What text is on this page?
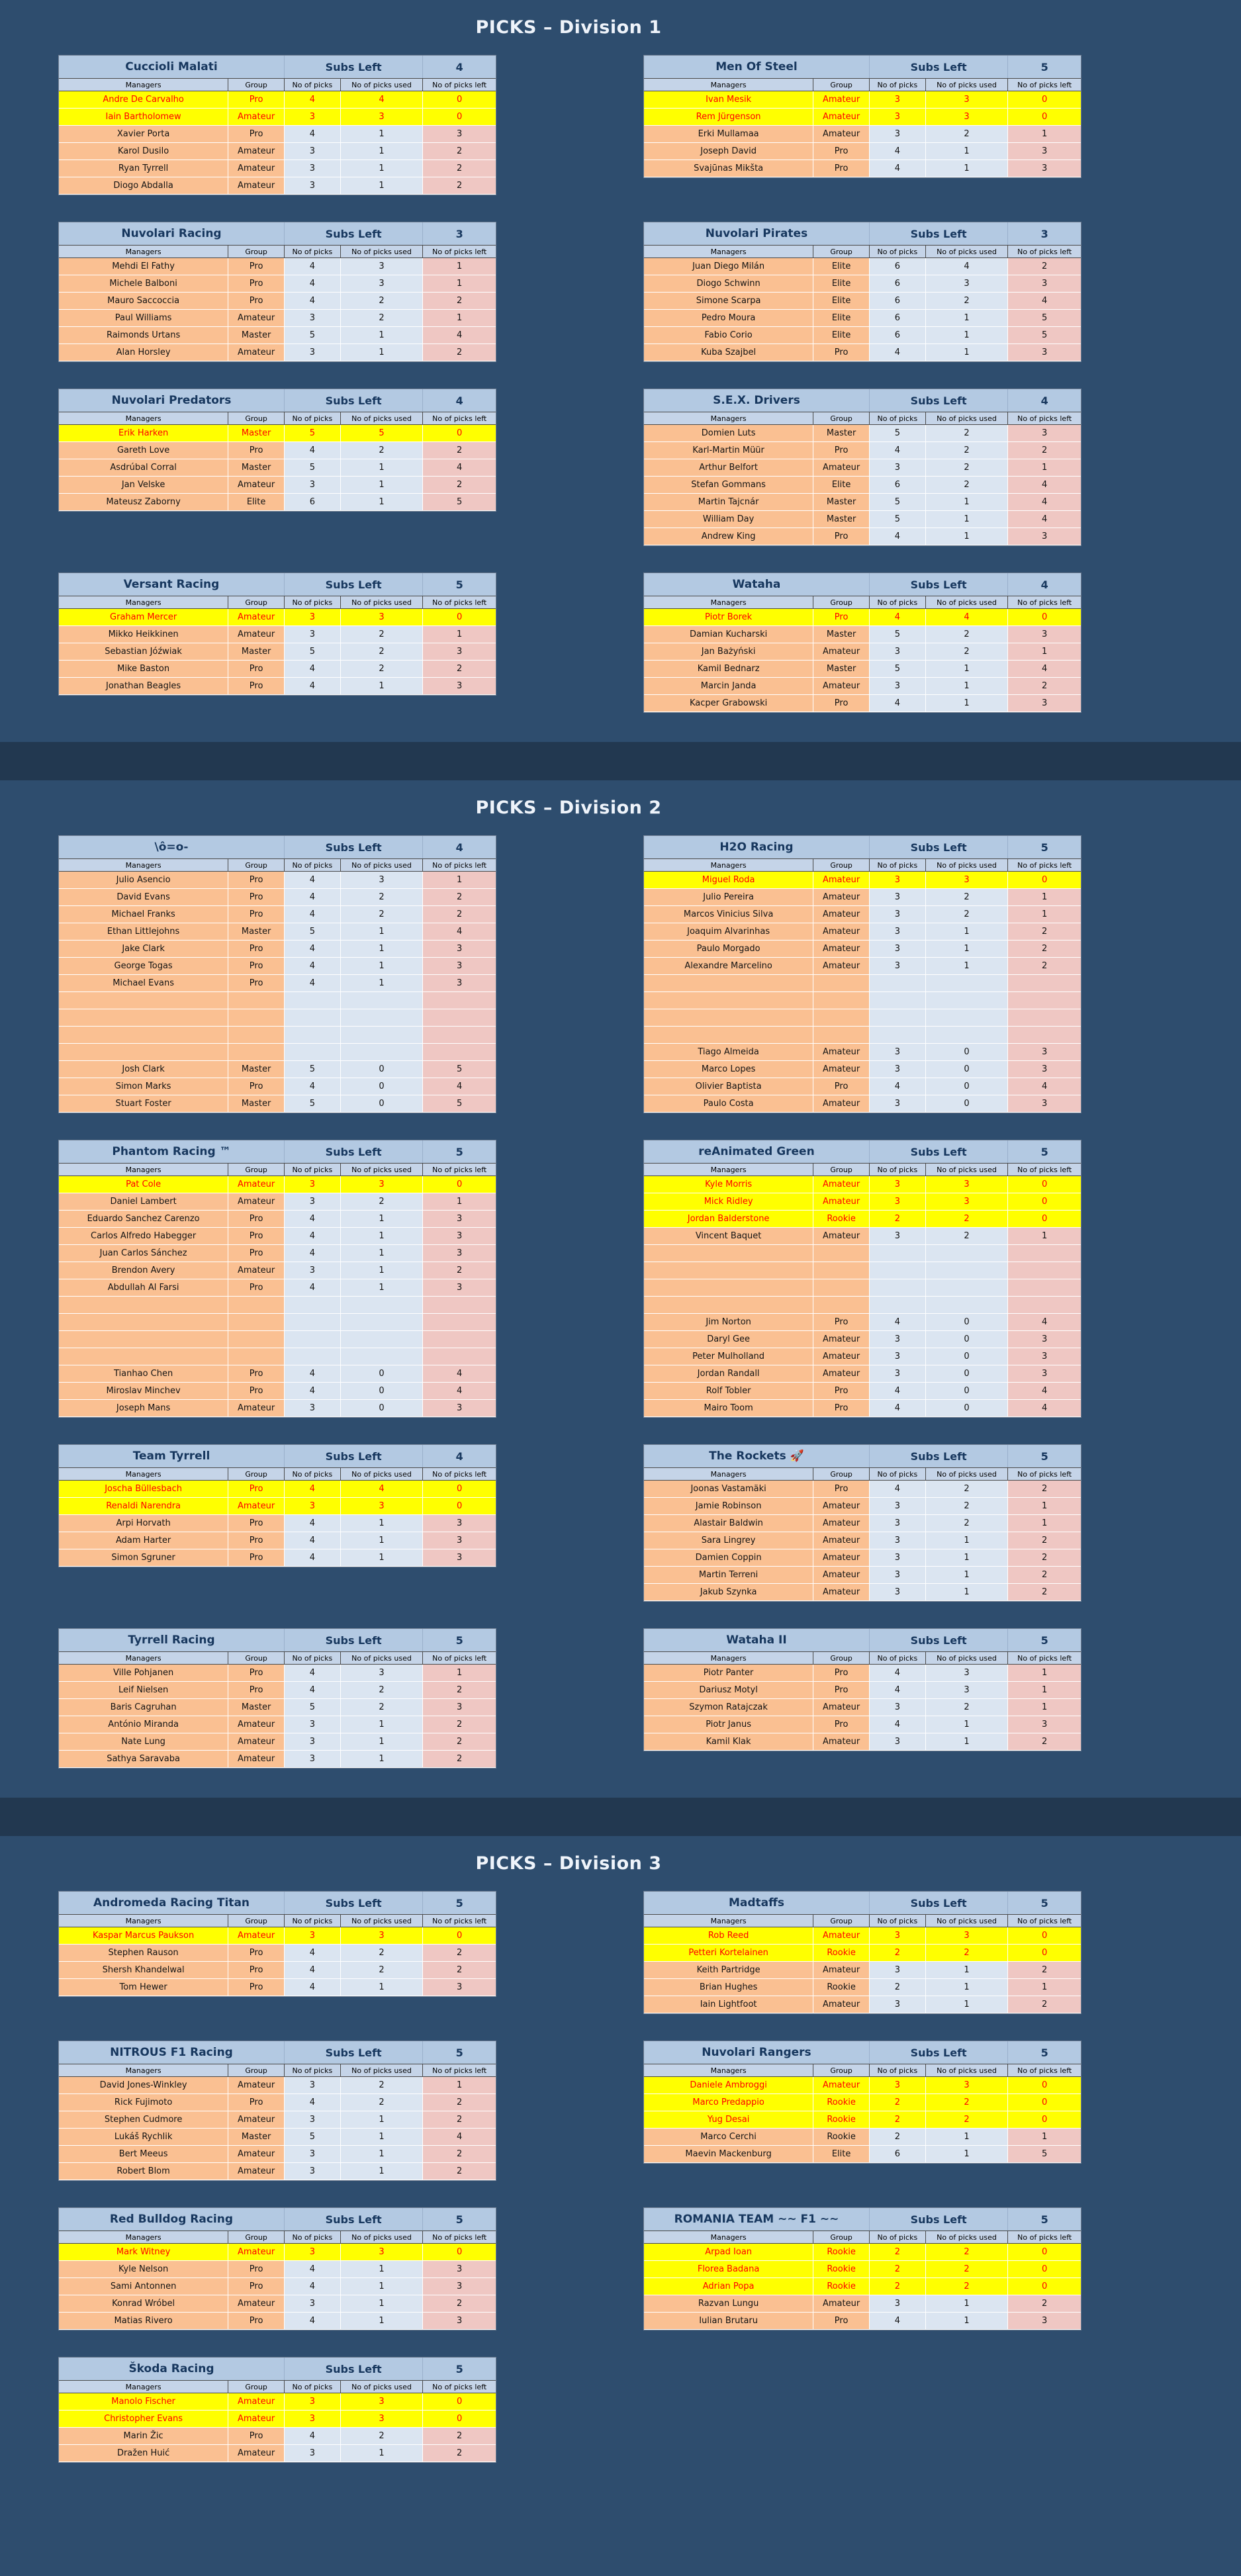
PICKS – Division 1
Cuccioli Malati	Subs Left	4
Managers	Group	No of picks	No of picks used	No of picks left
Andre De Carvalho	Pro	4	4	0
Iain Bartholomew	Amateur	3	3	0
Xavier Porta	Pro	4	1	3
Karol Dusilo	Amateur	3	1	2
Ryan Tyrrell	Amateur	3	1	2
Diogo Abdalla	Amateur	3	1	2
Men Of Steel	Subs Left	5
Managers	Group	No of picks	No of picks used	No of picks left
Ivan Mesik	Amateur	3	3	0
Rem Jürgenson	Amateur	3	3	0
Erki Mullamaa	Amateur	3	2	1
Joseph David	Pro	4	1	3
Svajūnas Mikšta	Pro	4	1	3
Nuvolari Racing	Subs Left	3
Managers	Group	No of picks	No of picks used	No of picks left
Mehdi El Fathy	Pro	4	3	1
Michele Balboni	Pro	4	3	1
Mauro Saccoccia	Pro	4	2	2
Paul Williams	Amateur	3	2	1
Raimonds Urtans	Master	5	1	4
Alan Horsley	Amateur	3	1	2
Nuvolari Pirates	Subs Left	3
Managers	Group	No of picks	No of picks used	No of picks left
Juan Diego Milán	Elite	6	4	2
Diogo Schwinn	Elite	6	3	3
Simone Scarpa	Elite	6	2	4
Pedro Moura	Elite	6	1	5
Fabio Corio	Elite	6	1	5
Kuba Szajbel	Pro	4	1	3
Nuvolari Predators	Subs Left	4
Managers	Group	No of picks	No of picks used	No of picks left
Erik Harken	Master	5	5	0
Gareth Love	Pro	4	2	2
Asdrúbal Corral	Master	5	1	4
Jan Velske	Amateur	3	1	2
Mateusz Zaborny	Elite	6	1	5
S.E.X. Drivers	Subs Left	4
Managers	Group	No of picks	No of picks used	No of picks left
Domien Luts	Master	5	2	3
Karl-Martin Müür	Pro	4	2	2
Arthur Belfort	Amateur	3	2	1
Stefan Gommans	Elite	6	2	4
Martin Tajcnár	Master	5	1	4
William Day	Master	5	1	4
Andrew King	Pro	4	1	3
Versant Racing	Subs Left	5
Managers	Group	No of picks	No of picks used	No of picks left
Graham Mercer	Amateur	3	3	0
Mikko Heikkinen	Amateur	3	2	1
Sebastian Jóźwiak	Master	5	2	3
Mike Baston	Pro	4	2	2
Jonathan Beagles	Pro	4	1	3
Wataha	Subs Left	4
Managers	Group	No of picks	No of picks used	No of picks left
Piotr Borek	Pro	4	4	0
Damian Kucharski	Master	5	2	3
Jan Bażyński	Amateur	3	2	1
Kamil Bednarz	Master	5	1	4
Marcin Janda	Amateur	3	1	2
Kacper Grabowski	Pro	4	1	3
PICKS – Division 2
\ô=o-	Subs Left	4
Managers	Group	No of picks	No of picks used	No of picks left
Julio Asencio	Pro	4	3	1
David Evans	Pro	4	2	2
Michael Franks	Pro	4	2	2
Ethan Littlejohns	Master	5	1	4
Jake Clark	Pro	4	1	3
George Togas	Pro	4	1	3
Michael Evans	Pro	4	1	3
Josh Clark	Master	5	0	5
Simon Marks	Pro	4	0	4
Stuart Foster	Master	5	0	5
H2O Racing	Subs Left	5
Managers	Group	No of picks	No of picks used	No of picks left
Miguel Roda	Amateur	3	3	0
Julio Pereira	Amateur	3	2	1
Marcos Vinicius Silva	Amateur	3	2	1
Joaquim Alvarinhas	Amateur	3	1	2
Paulo Morgado	Amateur	3	1	2
Alexandre Marcelino	Amateur	3	1	2
Tiago Almeida	Amateur	3	0	3
Marco Lopes	Amateur	3	0	3
Olivier Baptista	Pro	4	0	4
Paulo Costa	Amateur	3	0	3
Phantom Racing ™	Subs Left	5
Managers	Group	No of picks	No of picks used	No of picks left
Pat Cole	Amateur	3	3	0
Daniel Lambert	Amateur	3	2	1
Eduardo Sanchez Carenzo	Pro	4	1	3
Carlos Alfredo Habegger	Pro	4	1	3
Juan Carlos Sánchez	Pro	4	1	3
Brendon Avery	Amateur	3	1	2
Abdullah Al Farsi	Pro	4	1	3
Tianhao Chen	Pro	4	0	4
Miroslav Minchev	Pro	4	0	4
Joseph Mans	Amateur	3	0	3
reAnimated Green	Subs Left	5
Managers	Group	No of picks	No of picks used	No of picks left
Kyle Morris	Amateur	3	3	0
Mick Ridley	Amateur	3	3	0
Jordan Balderstone	Rookie	2	2	0
Vincent Baquet	Amateur	3	2	1
Jim Norton	Pro	4	0	4
Daryl Gee	Amateur	3	0	3
Peter Mulholland	Amateur	3	0	3
Jordan Randall	Amateur	3	0	3
Rolf Tobler	Pro	4	0	4
Mairo Toom	Pro	4	0	4
Team Tyrrell	Subs Left	4
Managers	Group	No of picks	No of picks used	No of picks left
Joscha Büllesbach	Pro	4	4	0
Renaldi Narendra	Amateur	3	3	0
Arpi Horvath	Pro	4	1	3
Adam Harter	Pro	4	1	3
Simon Sgruner	Pro	4	1	3
The Rockets 🚀	Subs Left	5
Managers	Group	No of picks	No of picks used	No of picks left
Joonas Vastamäki	Pro	4	2	2
Jamie Robinson	Amateur	3	2	1
Alastair Baldwin	Amateur	3	2	1
Sara Lingrey	Amateur	3	1	2
Damien Coppin	Amateur	3	1	2
Martin Terreni	Amateur	3	1	2
Jakub Szynka	Amateur	3	1	2
Tyrrell Racing	Subs Left	5
Managers	Group	No of picks	No of picks used	No of picks left
Ville Pohjanen	Pro	4	3	1
Leif Nielsen	Pro	4	2	2
Baris Cagruhan	Master	5	2	3
António Miranda	Amateur	3	1	2
Nate Lung	Amateur	3	1	2
Sathya Saravaba	Amateur	3	1	2
Wataha II	Subs Left	5
Managers	Group	No of picks	No of picks used	No of picks left
Piotr Panter	Pro	4	3	1
Dariusz Motyl	Pro	4	3	1
Szymon Ratajczak	Amateur	3	2	1
Piotr Janus	Pro	4	1	3
Kamil Klak	Amateur	3	1	2
PICKS – Division 3
Andromeda Racing Titan	Subs Left	5
Managers	Group	No of picks	No of picks used	No of picks left
Kaspar Marcus Paukson	Amateur	3	3	0
Stephen Rauson	Pro	4	2	2
Shersh Khandelwal	Pro	4	2	2
Tom Hewer	Pro	4	1	3
Madtaffs	Subs Left	5
Managers	Group	No of picks	No of picks used	No of picks left
Rob Reed	Amateur	3	3	0
Petteri Kortelainen	Rookie	2	2	0
Keith Partridge	Amateur	3	1	2
Brian Hughes	Rookie	2	1	1
Iain Lightfoot	Amateur	3	1	2
NITROUS F1 Racing	Subs Left	5
Managers	Group	No of picks	No of picks used	No of picks left
David Jones-Winkley	Amateur	3	2	1
Rick Fujimoto	Pro	4	2	2
Stephen Cudmore	Amateur	3	1	2
Lukáš Rychlik	Master	5	1	4
Bert Meeus	Amateur	3	1	2
Robert Blom	Amateur	3	1	2
Nuvolari Rangers	Subs Left	5
Managers	Group	No of picks	No of picks used	No of picks left
Daniele Ambroggi	Amateur	3	3	0
Marco Predappio	Rookie	2	2	0
Yug Desai	Rookie	2	2	0
Marco Cerchi	Rookie	2	1	1
Maevin Mackenburg	Elite	6	1	5
Red Bulldog Racing	Subs Left	5
Managers	Group	No of picks	No of picks used	No of picks left
Mark Witney	Amateur	3	3	0
Kyle Nelson	Pro	4	1	3
Sami Antonnen	Pro	4	1	3
Konrad Wróbel	Amateur	3	1	2
Matias Rivero	Pro	4	1	3
ROMANIA TEAM ~~ F1 ~~	Subs Left	5
Managers	Group	No of picks	No of picks used	No of picks left
Arpad Ioan	Rookie	2	2	0
Florea Badana	Rookie	2	2	0
Adrian Popa	Rookie	2	2	0
Razvan Lungu	Amateur	3	1	2
Iulian Brutaru	Pro	4	1	3
Škoda Racing	Subs Left	5
Managers	Group	No of picks	No of picks used	No of picks left
Manolo Fischer	Amateur	3	3	0
Christopher Evans	Amateur	3	3	0
Marin Žic	Pro	4	2	2
Dražen Huić	Amateur	3	1	2
